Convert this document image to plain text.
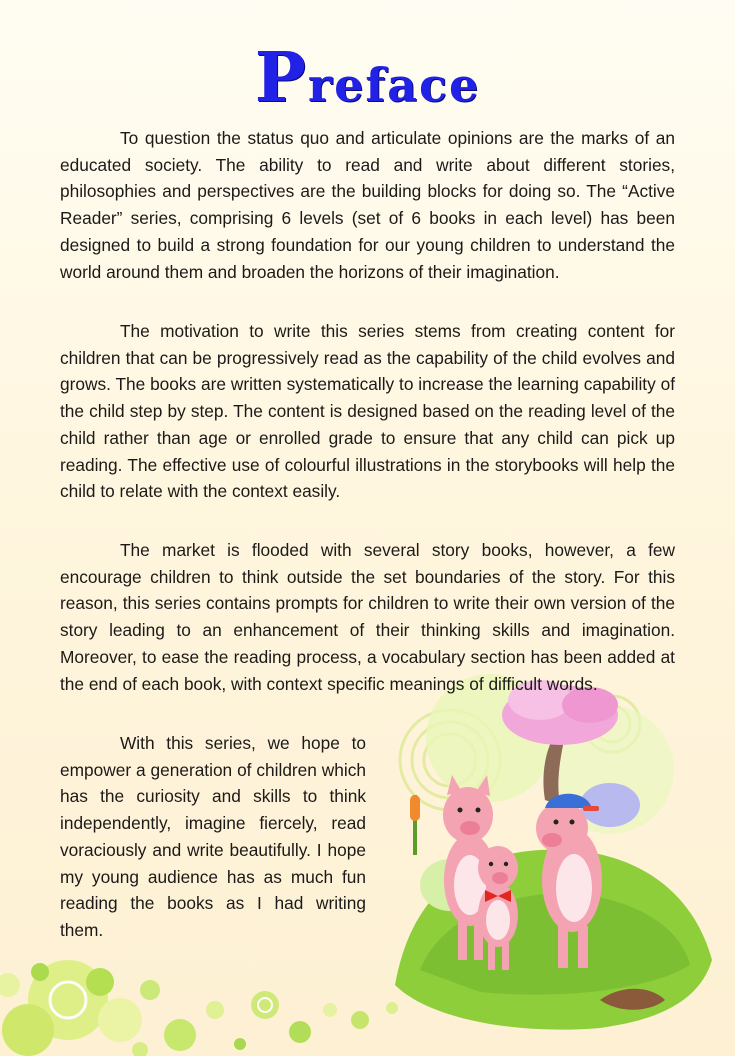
Preface

To question the status quo and articulate opinions are the marks of an educated society. The ability to read and write about different stories, philosophies and perspectives are the building blocks for doing so. The “Active Reader” series, comprising 6 levels (set of 6 books in each level) has been designed to build a strong foundation for our young children to understand the world around them and broaden the horizons of their imagination.

The motivation to write this series stems from creating content for children that can be progressively read as the capability of the child evolves and grows. The books are written systematically to increase the learning capability of the child step by step. The content is designed based on the reading level of the child rather than age or enrolled grade to ensure that any child can pick up reading. The effective use of colourful illustrations in the storybooks will help the child to relate with the context easily.

The market is flooded with several story books, however, a few encourage children to think outside the set boundaries of the story. For this reason, this series contains prompts for children to write their own version of the story leading to an enhancement of their thinking skills and imagination. Moreover, to ease the reading process, a vocabulary section has been added at the end of each book, with context specific meanings of difficult words.

With this series, we hope to empower a generation of children which has the curiosity and skills to think independently, imagine fiercely, read voraciously and write beautifully. I hope my young audience has as much fun reading the books as I had writing them.
